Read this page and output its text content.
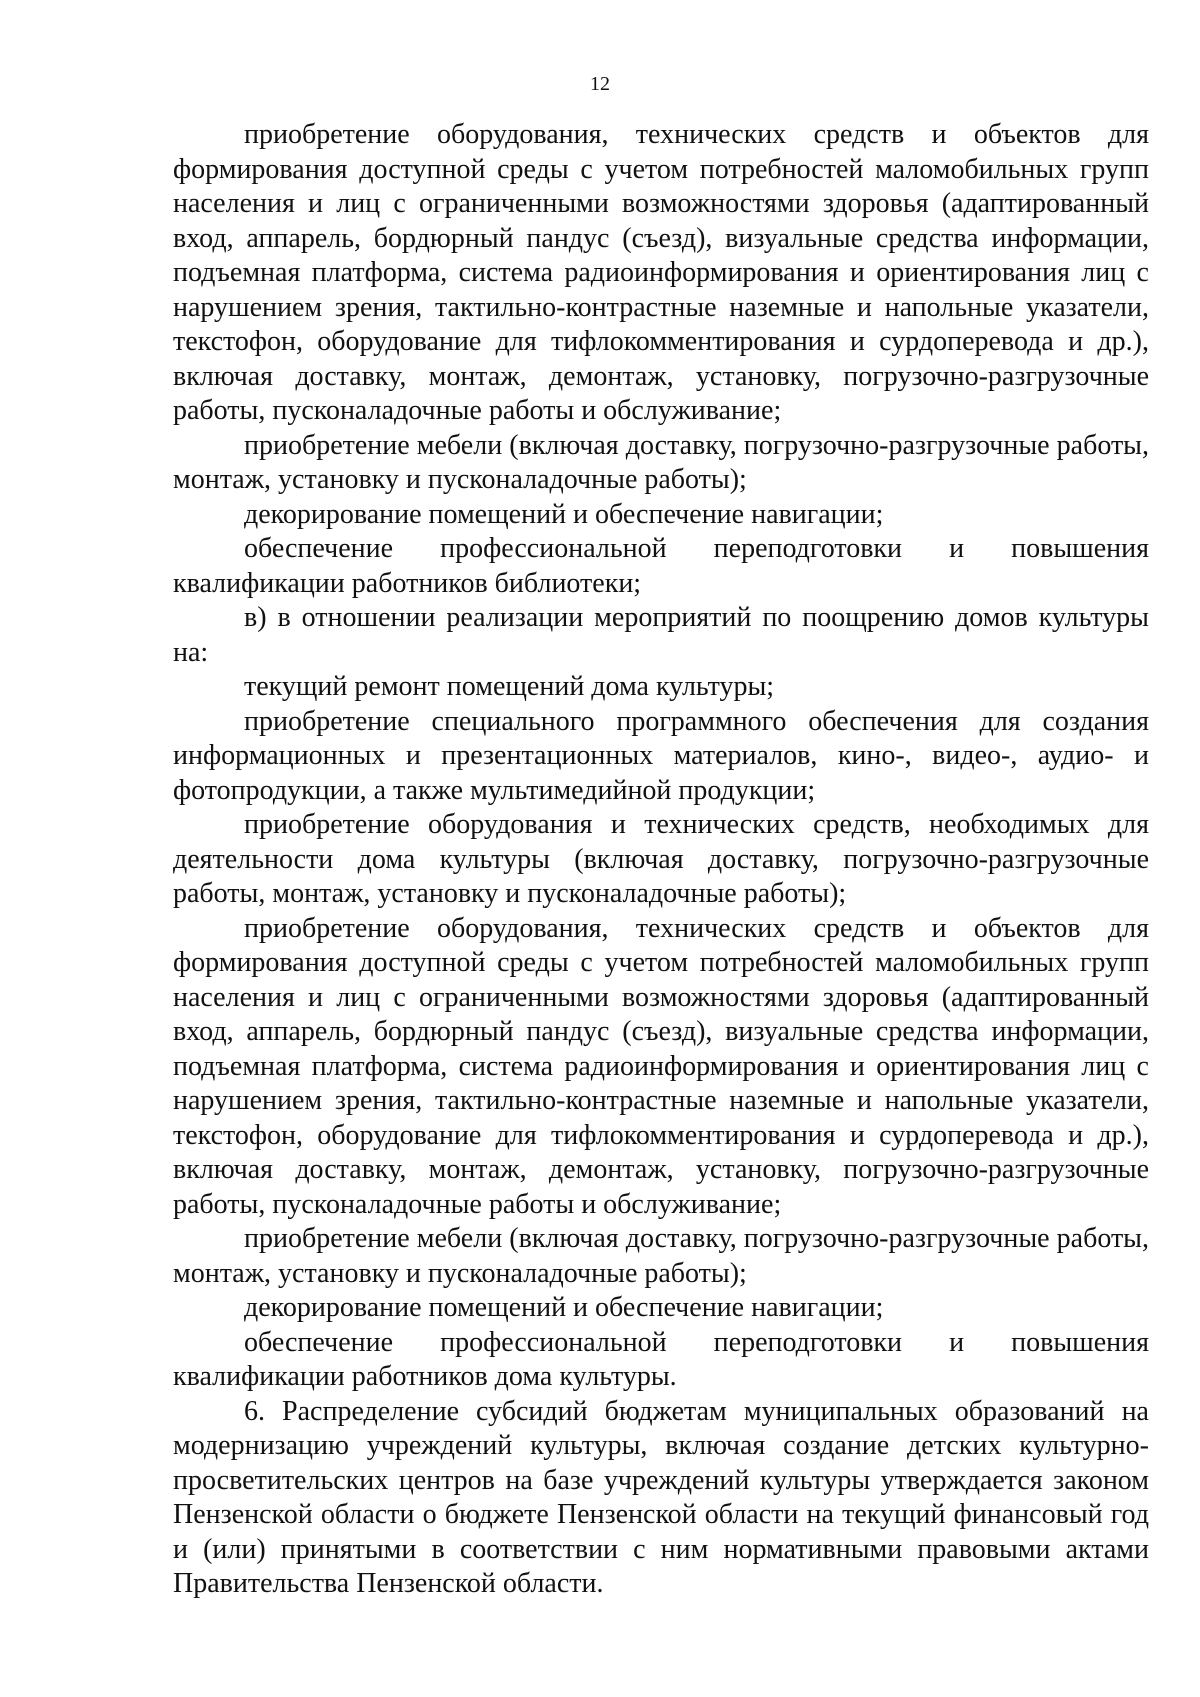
12

приобретение оборудования, технических средств и объектов для формирования доступной среды с учетом потребностей маломобильных групп населения и лиц с ограниченными возможностями здоровья (адаптированный вход, аппарель, бордюрный пандус (съезд), визуальные средства информации, подъемная платформа, система радиоинформирования и ориентирования лиц с нарушением зрения, тактильно-контрастные наземные и напольные указатели, текстофон, оборудование для тифлокомментирования и сурдоперевода и др.), включая доставку, монтаж, демонтаж, установку, погрузочно-разгрузочные работы, пусконаладочные работы и обслуживание;

приобретение мебели (включая доставку, погрузочно-разгрузочные работы, монтаж, установку и пусконаладочные работы);

декорирование помещений и обеспечение навигации;

обеспечение профессиональной переподготовки и повышения квалификации работников библиотеки;

в) в отношении реализации мероприятий по поощрению домов культуры на:

текущий ремонт помещений дома культуры;

приобретение специального программного обеспечения для создания информационных и презентационных материалов, кино-, видео-, аудио- и фотопродукции, а также мультимедийной продукции;

приобретение оборудования и технических средств, необходимых для деятельности дома культуры (включая доставку, погрузочно-разгрузочные работы, монтаж, установку и пусконаладочные работы);

приобретение оборудования, технических средств и объектов для формирования доступной среды с учетом потребностей маломобильных групп населения и лиц с ограниченными возможностями здоровья (адаптированный вход, аппарель, бордюрный пандус (съезд), визуальные средства информации, подъемная платформа, система радиоинформирования и ориентирования лиц с нарушением зрения, тактильно-контрастные наземные и напольные указатели, текстофон, оборудование для тифлокомментирования и сурдоперевода и др.), включая доставку, монтаж, демонтаж, установку, погрузочно-разгрузочные работы, пусконаладочные работы и обслуживание;

приобретение мебели (включая доставку, погрузочно-разгрузочные работы, монтаж, установку и пусконаладочные работы);

декорирование помещений и обеспечение навигации;

обеспечение профессиональной переподготовки и повышения квалификации работников дома культуры.

6. Распределение субсидий бюджетам муниципальных образований на модернизацию учреждений культуры, включая создание детских культурно-просветительских центров на базе учреждений культуры утверждается законом Пензенской области о бюджете Пензенской области на текущий финансовый год и (или) принятыми в соответствии с ним нормативными правовыми актами Правительства Пензенской области.
